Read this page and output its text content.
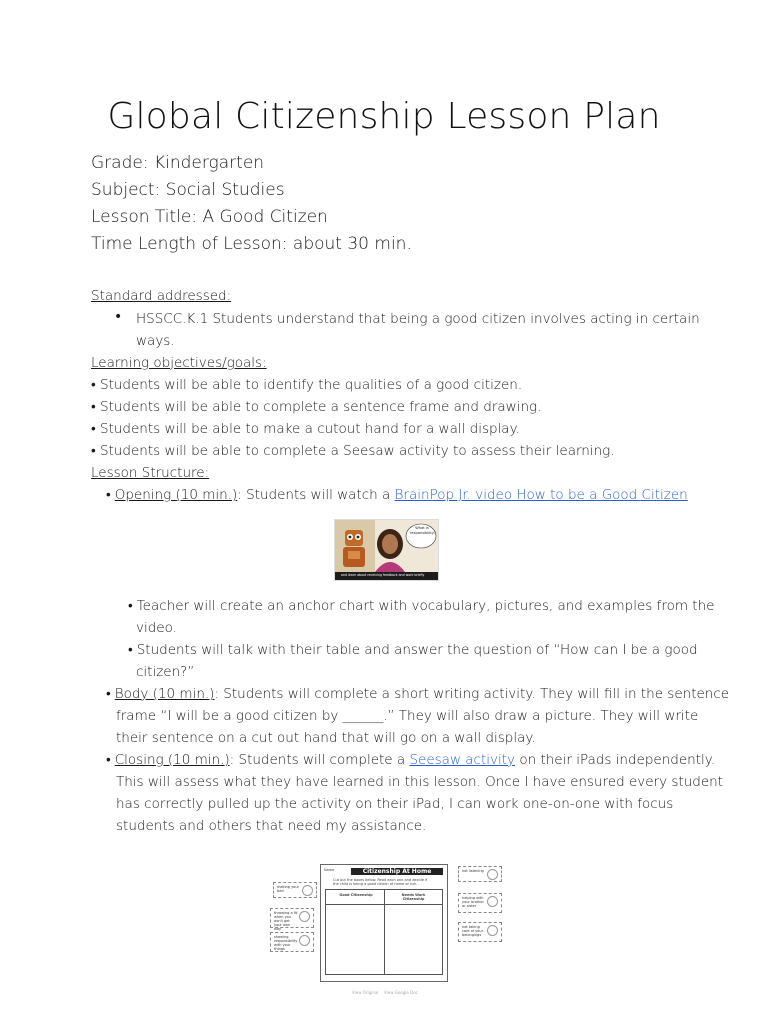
Global Citizenship Lesson Plan
Grade: Kindergarten
Subject: Social Studies
Lesson Title: A Good Citizen
Time Length of Lesson: about 30 min.
Standard addressed:
• HSSCC.K.1 Students understand that being a good citizen involves acting in certain
ways.
Learning objectives/goals:
• Students will be able to identify the qualities of a good citizen.
• Students will be able to complete a sentence frame and drawing.
• Students will be able to make a cutout hand for a wall display.
• Students will be able to complete a Seesaw activity to assess their learning.
Lesson Structure:
• Opening (10 min.): Students will watch a BrainPop Jr. video How to be a Good Citizen
What is responsibility?
and learn about receiving feedback and work briefly
• Teacher will create an anchor chart with vocabulary, pictures, and examples from the
video.
• Students will talk with their table and answer the question of “How can I be a good
citizen?”
• Body (10 min.): Students will complete a short writing activity. They will fill in the sentence
frame “I will be a good citizen by ______.” They will also draw a picture. They will write
their sentence on a cut out hand that will go on a wall display.
• Closing (10 min.): Students will complete a Seesaw activity on their iPads independently.
This will assess what they have learned in this lesson. Once I have ensured every student
has correctly pulled up the activity on their iPad, I can work one-on-one with focus
students and others that need my assistance.
Name	Citizenship At Home
Cut out the boxes below. Read each one and decide if the child is being a good citizen at home or not.
Good Citizenship	Needs Work Citizenship
making your bed
throwing a fit when you don't get your own way
showing responsibility with your things
not listening
helping with your brother or sister
not taking care of your belongings
View Original View Google Doc
